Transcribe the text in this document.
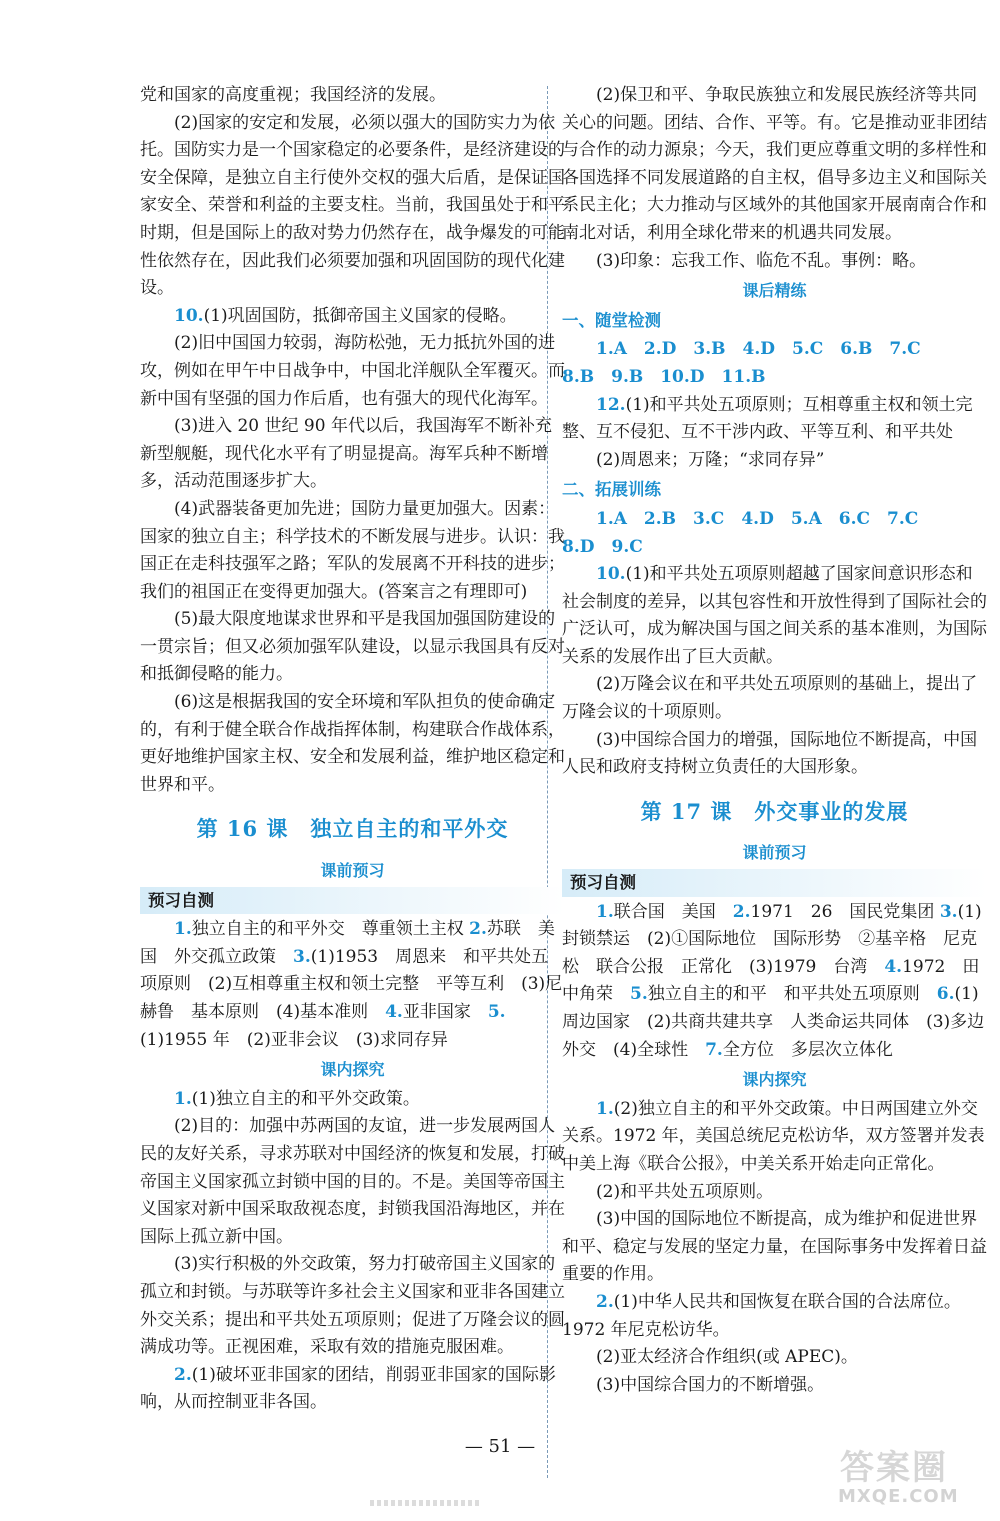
党和国家的高度重视；我国经济的发展。

(2)国家的安定和发展，必须以强大的国防实力为依托。国防实力是一个国家稳定的必要条件，是经济建设的安全保障，是独立自主行使外交权的强大后盾，是保证国家安全、荣誉和利益的主要支柱。当前，我国虽处于和平时期，但是国际上的敌对势力仍然存在，战争爆发的可能性依然存在，因此我们必须要加强和巩固国防的现代化建设。

10.(1)巩固国防，抵御帝国主义国家的侵略。

(2)旧中国国力较弱，海防松弛，无力抵抗外国的进攻，例如在甲午中日战争中，中国北洋舰队全军覆灭。而新中国有坚强的国力作后盾，也有强大的现代化海军。

(3)进入 20 世纪 90 年代以后，我国海军不断补充新型舰艇，现代化水平有了明显提高。海军兵种不断增多，活动范围逐步扩大。

(4)武器装备更加先进；国防力量更加强大。因素：国家的独立自主；科学技术的不断发展与进步。认识：我国正在走科技强军之路；军队的发展离不开科技的进步；我们的祖国正在变得更加强大。(答案言之有理即可)

(5)最大限度地谋求世界和平是我国加强国防建设的一贯宗旨；但又必须加强军队建设，以显示我国具有反对和抵御侵略的能力。

(6)这是根据我国的安全环境和军队担负的使命确定的，有利于健全联合作战指挥体制，构建联合作战体系，更好地维护国家主权、安全和发展利益，维护地区稳定和世界和平。

第 16 课　独立自主的和平外交
课前预习
预习自测

1.独立自主的和平外交　尊重领土主权 2.苏联　美国　外交孤立政策　 3.(1)1953　周恩来　和平共处五项原则　(2)互相尊重主权和领土完整　平等互利　(3)尼赫鲁　基本原则　(4)基本准则　 4.亚非国家　 5.(1)1955 年　(2)亚非会议　(3)求同存异

课内探究

1.(1)独立自主的和平外交政策。

(2)目的：加强中苏两国的友谊，进一步发展两国人民的友好关系，寻求苏联对中国经济的恢复和发展，打破帝国主义国家孤立封锁中国的目的。不是。美国等帝国主义国家对新中国采取敌视态度，封锁我国沿海地区，并在国际上孤立新中国。

(3)实行积极的外交政策，努力打破帝国主义国家的孤立和封锁。与苏联等许多社会主义国家和亚非各国建立外交关系；提出和平共处五项原则；促进了万隆会议的圆满成功等。正视困难，采取有效的措施克服困难。

2.(1)破坏亚非国家的团结，削弱亚非国家的国际影响，从而控制亚非各国。

(2)保卫和平、争取民族独立和发展民族经济等共同关心的问题。团结、合作、平等。有。它是推动亚非团结与合作的动力源泉；今天，我们更应尊重文明的多样性和各国选择不同发展道路的自主权，倡导多边主义和国际关系民主化；大力推动与区域外的其他国家开展南南合作和南北对话，利用全球化带来的机遇共同发展。

(3)印象：忘我工作、临危不乱。事例：略。

课后精练
一、随堂检测

1.A　2.D　3.B　4.D　5.C　6.B　7.C

8.B　9.B　10.D　11.B

12.(1)和平共处五项原则；互相尊重主权和领土完整、互不侵犯、互不干涉内政、平等互利、和平共处

(2)周恩来；万隆；“求同存异”

二、拓展训练

1.A　2.B　3.C　4.D　5.A　6.C　7.C

8.D　9.C

10.(1)和平共处五项原则超越了国家间意识形态和社会制度的差异，以其包容性和开放性得到了国际社会的广泛认可，成为解决国与国之间关系的基本准则，为国际关系的发展作出了巨大贡献。

(2)万隆会议在和平共处五项原则的基础上，提出了万隆会议的十项原则。

(3)中国综合国力的增强，国际地位不断提高，中国人民和政府支持树立负责任的大国形象。

第 17 课　外交事业的发展
课前预习
预习自测

1.联合国　美国　 2.1971　26　国民党集团 3.(1)封锁禁运　(2)①国际地位　国际形势　②基辛格　尼克松　联合公报　正常化　(3)1979　台湾　 4.1972　田中角荣　 5.独立自主的和平　和平共处五项原则　 6.(1)周边国家　(2)共商共建共享　人类命运共同体　(3)多边外交　(4)全球性　 7.全方位　多层次立体化

课内探究

1.(2)独立自主的和平外交政策。中日两国建立外交关系。1972 年，美国总统尼克松访华，双方签署并发表中美上海《联合公报》，中美关系开始走向正常化。

(2)和平共处五项原则。

(3)中国的国际地位不断提高，成为维护和促进世界和平、稳定与发展的坚定力量，在国际事务中发挥着日益重要的作用。

2.(1)中华人民共和国恢复在联合国的合法席位。1972 年尼克松访华。

(2)亚太经济合作组织(或 APEC)。

(3)中国综合国力的不断增强。

— 51 —
答案圈
MXQE.COM
